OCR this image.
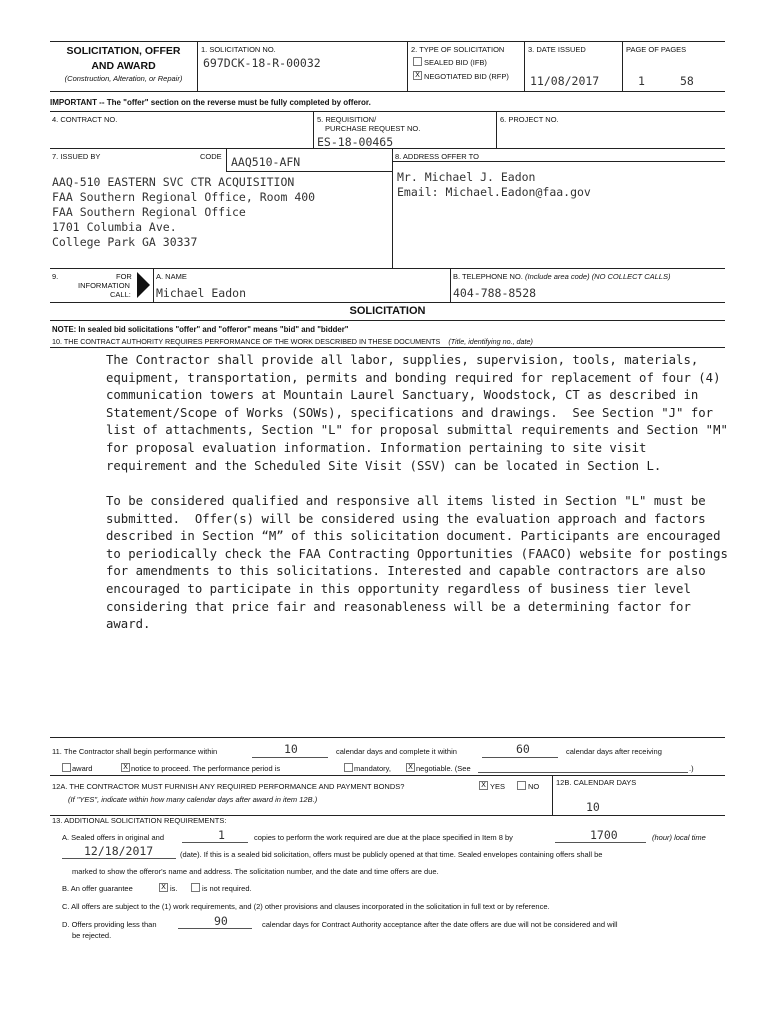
SOLICITATION, OFFER
AND AWARD
(Construction, Alteration, or Repair)
1. SOLICITATION NO.
697DCK-18-R-00032
2. TYPE OF SOLICITATION
SEALED BID (IFB)
X NEGOTIATED BID (RFP)
3. DATE ISSUED
11/08/2017
PAGE OF PAGES
1	58
IMPORTANT -- The "offer" section on the reverse must be fully completed by offeror.
4. CONTRACT NO.	5. REQUISITION/
PURCHASE REQUEST NO.
ES-18-00465
6. PROJECT NO.
7. ISSUED BY	CODE AAQ510-AFN
AAQ-510 EASTERN SVC CTR ACQUISITION
FAA Southern Regional Office, Room 400
FAA Southern Regional Office
1701 Columbia Ave.
College Park GA 30337
8. ADDRESS OFFER TO
Mr. Michael J. Eadon
Email: Michael.Eadon@faa.gov
9.	FOR
INFORMATION
CALL:
A. NAME
Michael Eadon
B. TELEPHONE NO. (Include area code) (NO COLLECT CALLS)
404-788-8528
SOLICITATION
NOTE: In sealed bid solicitations "offer" and "offeror" means "bid" and "bidder"
10. THE CONTRACT AUTHORITY REQUIRES PERFORMANCE OF THE WORK DESCRIBED IN THESE DOCUMENTS (Title, identifying no., date)
The Contractor shall provide all labor, supplies, supervision, tools, materials,
equipment, transportation, permits and bonding required for replacement of four (4)
communication towers at Mountain Laurel Sanctuary, Woodstock, CT as described in
Statement/Scope of Works (SOWs), specifications and drawings.  See Section "J" for
list of attachments, Section "L" for proposal submittal requirements and Section "M"
for proposal evaluation information. Information pertaining to site visit
requirement and the Scheduled Site Visit (SSV) can be located in Section L.
To be considered qualified and responsive all items listed in Section "L" must be
submitted.  Offer(s) will be considered using the evaluation approach and factors
described in Section “M” of this solicitation document. Participants are encouraged
to periodically check the FAA Contracting Opportunities (FAACO) website for postings
for amendments to this solicitations. Interested and capable contractors are also
encouraged to participate in this opportunity regardless of business tier level
considering that price fair and reasonableness will be a determining factor for
award.
11. The Contractor shall begin performance within	10	calendar days and complete it within	60	calendar days after receiving
award	X notice to proceed. The performance period is	mandatory, X negotiable. (See	.)
12A. THE CONTRACTOR MUST FURNISH ANY REQUIRED PERFORMANCE AND PAYMENT BONDS?
(If "YES", indicate within how many calendar days after award in item 12B.)
X YES	NO 12B. CALENDAR DAYS
10
13. ADDITIONAL SOLICITATION REQUIREMENTS:
A. Sealed offers in original and	1	copies to perform the work required are due at the place specified in Item 8 by	1700	(hour) local time
12/18/2017	(date). If this is a sealed bid solicitation, offers must be publicly opened at that time. Sealed envelopes containing offers shall be
marked to show the offeror's name and address. The solicitation number, and the date and time offers are due.
B. An offer guarantee	X is.	is not required.
C. All offers are subject to the (1) work requirements, and (2) other provisions and clauses incorporated in the solicitation in full text or by reference.
D. Offers providing less than	90	calendar days for Contract Authority acceptance after the date offers are due will not be considered and will
be rejected.
